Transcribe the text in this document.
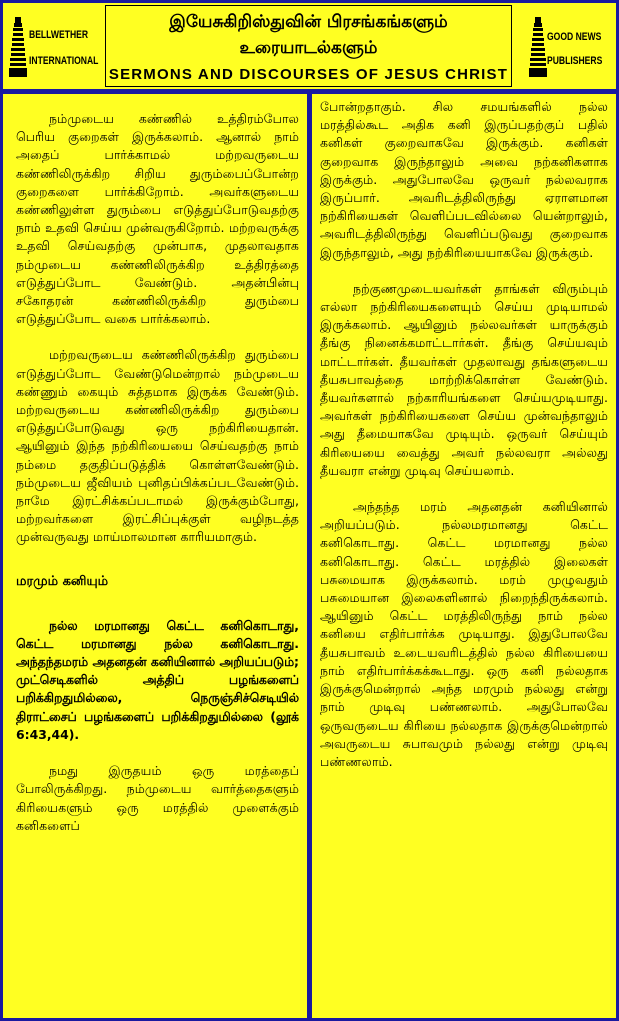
BELLWETHER
INTERNATIONAL
இயேசுகிறிஸ்துவின் பிரசங்கங்களும்
உரையாடல்களும்
SERMONS AND DISCOURSES OF JESUS CHRIST
GOOD NEWS
PUBLISHERS

நம்முடைய கண்ணில் உத்திரம்போல பெரிய குறைகள் இருக்கலாம். ஆனால் நாம் அதைப் பார்க்காமல் மற்றவருடைய கண்ணிலிருக்கிற சிறிய துரும்பைப்போன்ற குறைகளை பார்க்கிறோம். அவர்களுடைய கண்ணிலுள்ள துரும்பை எடுத்துப்போடுவதற்கு நாம் உதவி செய்ய முன்வருகிறோம். மற்றவருக்கு உதவி செய்வதற்கு முன்பாக, முதலாவதாக நம்முடைய கண்ணிலிருக்கிற உத்திரத்தை எடுத்துப்போட வேண்டும். அதன்பின்பு சகோதரன் கண்ணிலிருக்கிற துரும்பை எடுத்துப்போட வகை பார்க்கலாம்.

மற்றவருடைய கண்ணிலிருக்கிற துரும்பை எடுத்துப்போட வேண்டுமென்றால் நம்முடைய கண்ணும் கையும் சுத்தமாக இருக்க வேண்டும். மற்றவருடைய கண்ணிலிருக்கிற துரும்பை எடுத்துப்போடுவது ஒரு நற்கிரியைதான். ஆயினும் இந்த நற்கிரியையை செய்வதற்கு நாம் நம்மை தகுதிப்படுத்திக் கொள்ளவேண்டும். நம்முடைய ஜீவியம் புனிதப்பிக்கப்படவேண்டும். நாமே இரட்சிக்கப்படாமல் இருக்கும்போது, மற்றவர்களை இரட்சிப்புக்குள் வழிநடத்த முன்வருவது மாய்மாலமான காரியமாகும்.

மரமும் கனியும்

நல்ல மரமானது கெட்ட கனிகொடாது, கெட்ட மரமானது நல்ல கனிகொடாது. அந்தந்தமரம் அதனதன் கனியினால் அறியப்படும்; முட்செடிகளில் அத்திப் பழங்களைப் பறிக்கிறதுமில்லை, நெருஞ்சிச்செடியில் திராட்சைப் பழங்களைப் பறிக்கிறதுமில்லை (லூக் 6:43,44).

நமது இருதயம் ஒரு மரத்தைப் போலிருக்கிறது. நம்முடைய வார்த்தைகளும் கிரியைகளும் ஒரு மரத்தில் முளைக்கும் கனிகளைப்

போன்றதாகும். சில சமயங்களில் நல்ல மரத்தில்கூட அதிக கனி இருப்பதற்குப் பதில் கனிகள் குறைவாகவே இருக்கும். கனிகள் குறைவாக இருந்தாலும் அவை நற்கனிகளாக இருக்கும். அதுபோலவே ஒருவர் நல்லவராக இருப்பார். அவரிடத்திலிருந்து ஏராளமான நற்கிரியைகள் வெளிப்படவில்லை யென்றாலும், அவரிடத்திலிருந்து வெளிப்படுவது குறைவாக இருந்தாலும், அது நற்கிரியையாகவே இருக்கும்.

நற்குணமுடையவர்கள் தாங்கள் விரும்பும் எல்லா நற்கிரியைகளையும் செய்ய முடியாமல் இருக்கலாம். ஆயினும் நல்லவர்கள் யாருக்கும் தீங்கு நினைக்கமாட்டார்கள். தீங்கு செய்யவும் மாட்டார்கள். தீயவர்கள் முதலாவது தங்களுடைய தீயசுபாவத்தை மாற்றிக்கொள்ள வேண்டும். தீயவர்களால் நற்காரியங்களை செய்யமுடியாது. அவர்கள் நற்கிரியைகளை செய்ய முன்வந்தாலும் அது தீமையாகவே முடியும். ஒருவர் செய்யும் கிரியையை வைத்து அவர் நல்லவரா அல்லது தீயவரா என்று முடிவு செய்யலாம்.

அந்தந்த மரம் அதனதன் கனியினால் அறியப்படும். நல்லமரமானது கெட்ட கனிகொடாது. கெட்ட மரமானது நல்ல கனிகொடாது. கெட்ட மரத்தில் இலைகள் பசுமையாக இருக்கலாம். மரம் முழுவதும் பசுமையான இலைகளினால் நிறைந்திருக்கலாம். ஆயினும் கெட்ட மரத்திலிருந்து நாம் நல்ல கனியை எதிர்பார்க்க முடியாது. இதுபோலவே தீயசுபாவம் உடையவரிடத்தில் நல்ல கிரியையை நாம் எதிர்பார்க்கக்கூடாது. ஒரு கனி நல்லதாக இருக்குமென்றால் அந்த மரமும் நல்லது என்று நாம் முடிவு பண்ணலாம். அதுபோலவே ஒருவருடைய கிரியை நல்லதாக இருக்குமென்றால் அவருடைய சுபாவமும் நல்லது என்று முடிவு பண்ணலாம்.
